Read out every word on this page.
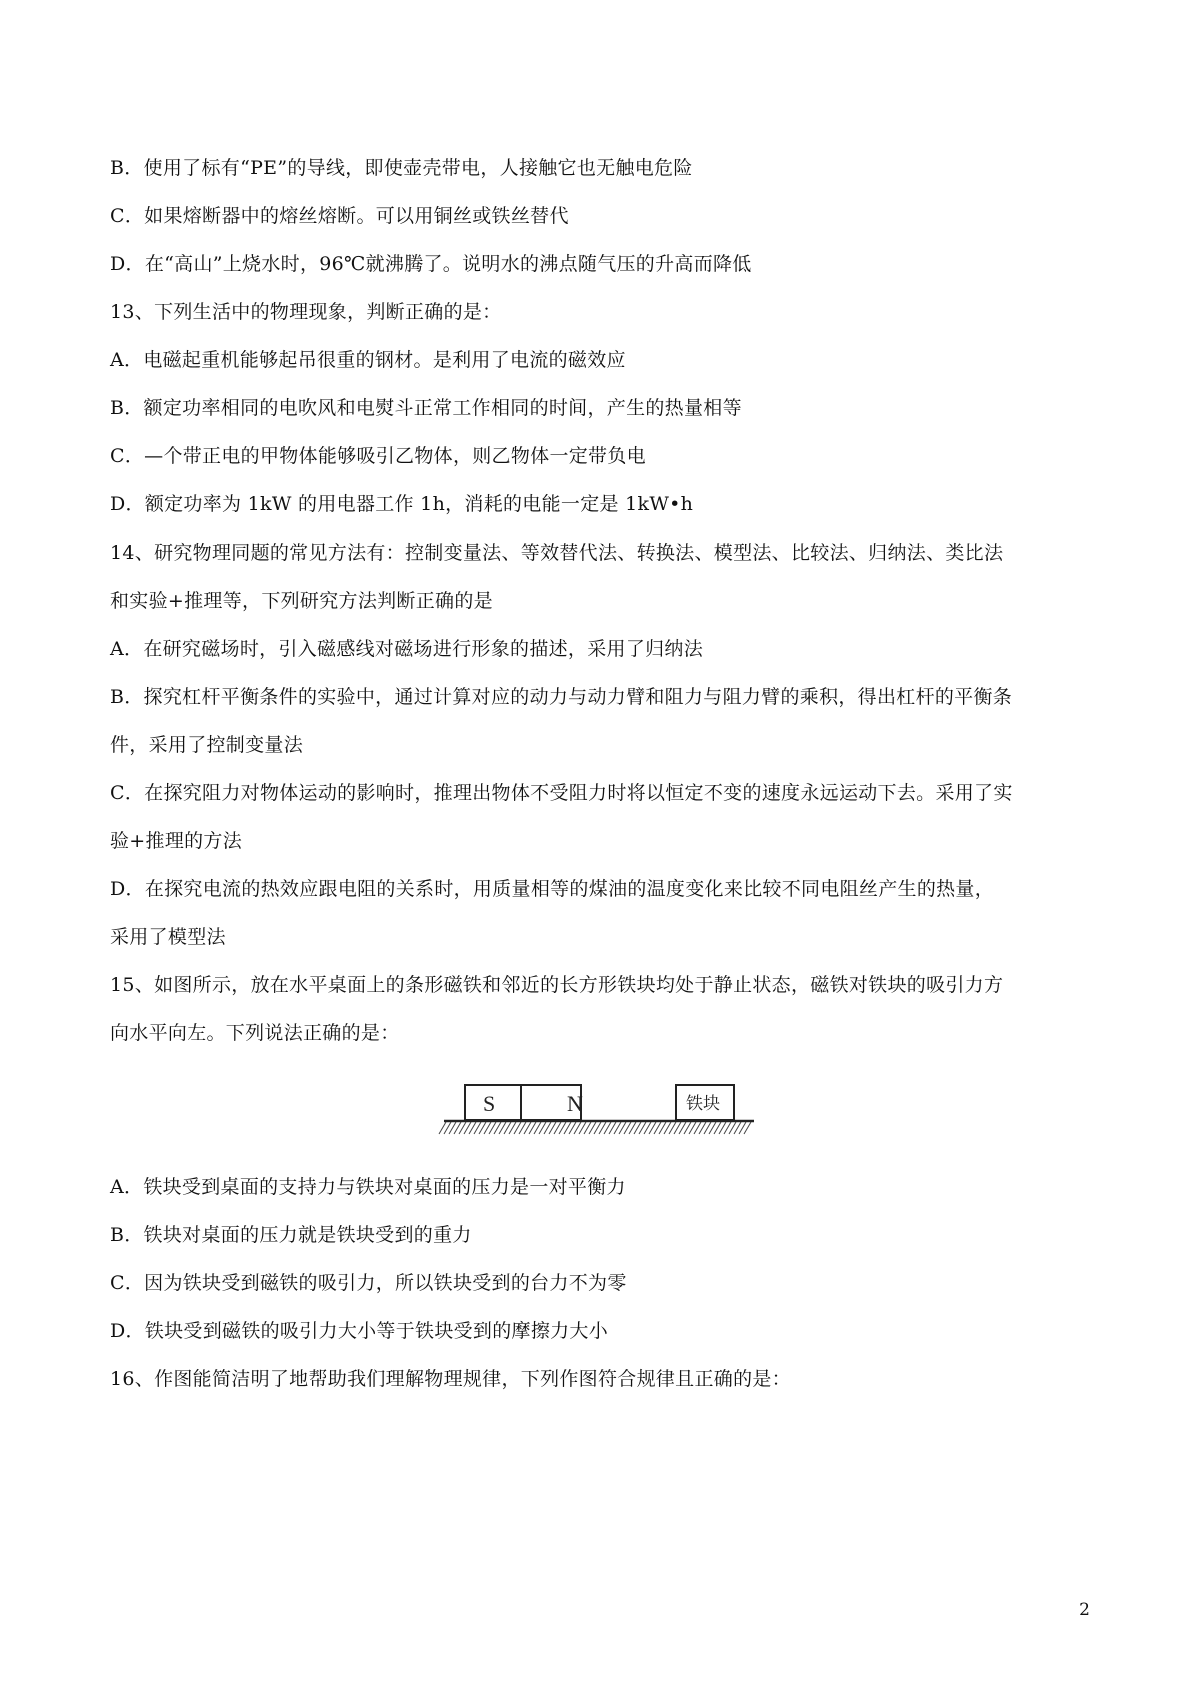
B．使用了标有“PE”的导线，即使壶壳带电，人接触它也无触电危险
C．如果熔断器中的熔丝熔断。可以用铜丝或铁丝替代
D．在“高山”上烧水时，96℃就沸腾了。说明水的沸点随气压的升高而降低
13、下列生活中的物理现象，判断正确的是：
A．电磁起重机能够起吊很重的钢材。是利用了电流的磁效应
B．额定功率相同的电吹风和电熨斗正常工作相同的时间，产生的热量相等
C．—个带正电的甲物体能够吸引乙物体，则乙物体一定带负电
D．额定功率为 1kW 的用电器工作 1h，消耗的电能一定是 1kW•h
14、研究物理同题的常见方法有：控制变量法、等效替代法、转换法、模型法、比较法、归纳法、类比法
和实验+推理等，下列研究方法判断正确的是
A．在研究磁场时，引入磁感线对磁场进行形象的描述，采用了归纳法
B．探究杠杆平衡条件的实验中，通过计算对应的动力与动力臂和阻力与阻力臂的乘积，得出杠杆的平衡条
件，采用了控制变量法
C．在探究阻力对物体运动的影响时，推理出物体不受阻力时将以恒定不变的速度永远运动下去。采用了实
验+推理的方法
D．在探究电流的热效应跟电阻的关系时，用质量相等的煤油的温度变化来比较不同电阻丝产生的热量，
采用了模型法
15、如图所示，放在水平桌面上的条形磁铁和邻近的长方形铁块均处于静止状态，磁铁对铁块的吸引力方
向水平向左。下列说法正确的是：
S	N	铁块
A．铁块受到桌面的支持力与铁块对桌面的压力是一对平衡力
B．铁块对桌面的压力就是铁块受到的重力
C．因为铁块受到磁铁的吸引力，所以铁块受到的台力不为零
D．铁块受到磁铁的吸引力大小等于铁块受到的摩擦力大小
16、作图能简洁明了地帮助我们理解物理规律，下列作图符合规律且正确的是：
2
